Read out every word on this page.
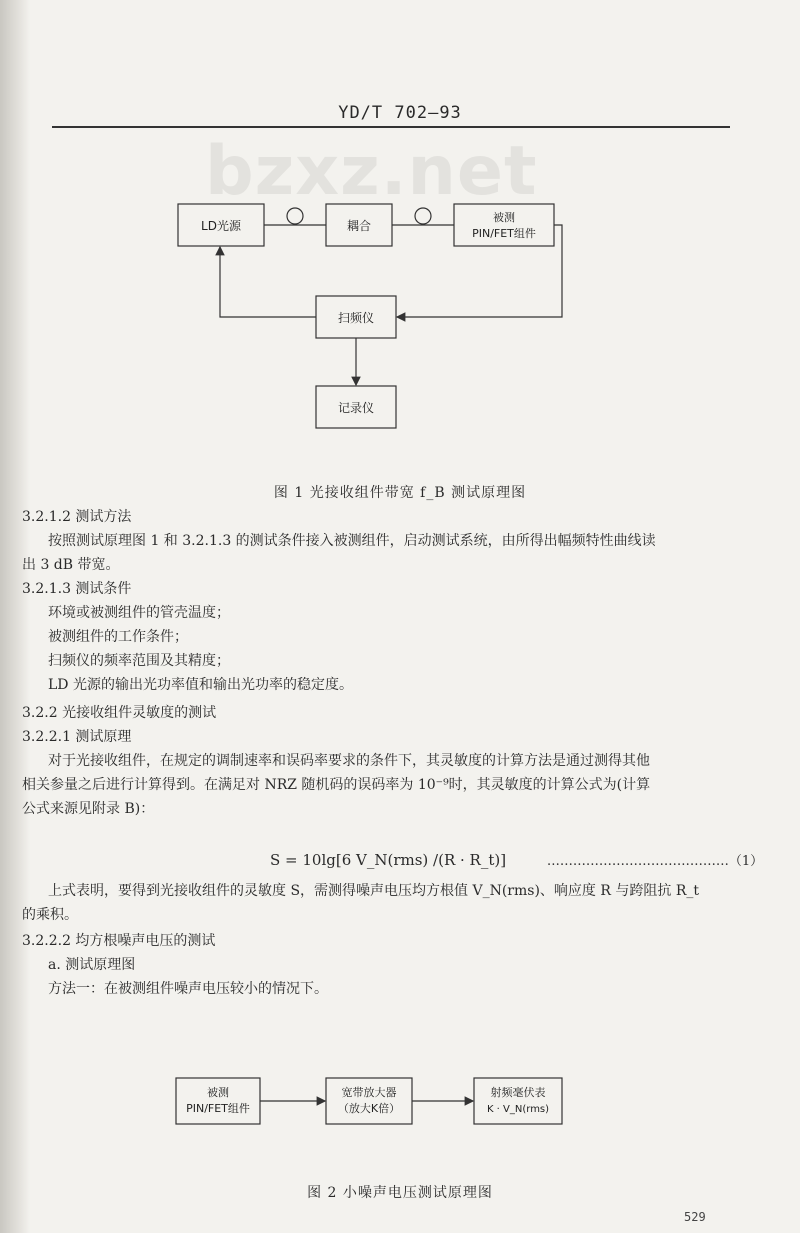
YD/T 702—93
bzxz.net
LD光源	耦合
被测
PIN/FET组件
扫频仪
记录仪
图 1 光接收组件带宽 f_B 测试原理图
3.2.1.2 测试方法
按照测试原理图 1 和 3.2.1.3 的测试条件接入被测组件，启动测试系统，由所得出幅频特性曲线读
出 3 dB 带宽。
3.2.1.3 测试条件
环境或被测组件的管壳温度；
被测组件的工作条件；
扫频仪的频率范围及其精度；
LD 光源的输出光功率值和输出光功率的稳定度。
3.2.2 光接收组件灵敏度的测试
3.2.2.1 测试原理
对于光接收组件，在规定的调制速率和误码率要求的条件下，其灵敏度的计算方法是通过测得其他
相关参量之后进行计算得到。在满足对 NRZ 随机码的误码率为 10⁻⁹时，其灵敏度的计算公式为(计算
公式来源见附录 B)：
S = 10lg[6 V_N(rms) /(R · R_t)]	……………………………………（1）
上式表明，要得到光接收组件的灵敏度 S，需测得噪声电压均方根值 V_N(rms)、响应度 R 与跨阻抗 R_t
的乘积。
3.2.2.2 均方根噪声电压的测试
a. 测试原理图
方法一：在被测组件噪声电压较小的情况下。
被测
PIN/FET组件
宽带放大器
（放大K倍）
射频毫伏表
K · V_N(rms)
图 2 小噪声电压测试原理图
529
